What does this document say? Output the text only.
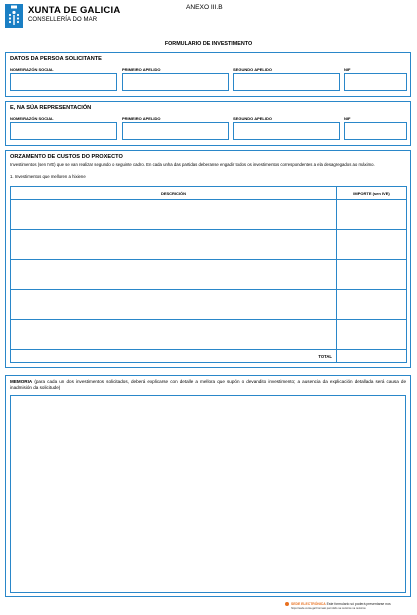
XUNTA DE GALICIA
CONSELLERÍA DO MAR
ANEXO III.B
FORMULARIO DE INVESTIMENTO
DATOS DA PERSOA SOLICITANTE
NOME/RAZÓN SOCIAL	PRIMEIRO APELIDO	SEGUNDO APELIDO	NIF
E, NA SÚA REPRESENTACIÓN
NOME/RAZÓN SOCIAL	PRIMEIRO APELIDO	SEGUNDO APELIDO	NIF
ORZAMENTO DE CUSTOS DO PROXECTO
Investimentos (sen IVE) que se van realizar segundo o seguinte cadro. En cada unha das partidas deberanse engadir todos os investimentos correspondentes a ela desagregados ao máximo.
1. Investimentos que melloren a hixiene
DESCRICIÓN	IMPORTE (sen IVE)
TOTAL
MEMORIA (para cada un dos investimentos solicitados, deberá explicarse con detalle a mellora que supón o devandito investimento; a ausencia da explicación detallada será causa de inadmisión da solicitude)
SEDE ELECTRÓNICA Este formulario só poderá presentarse nos
https://sede.xunta.gal Formato permitido na rexistros na rexistros
